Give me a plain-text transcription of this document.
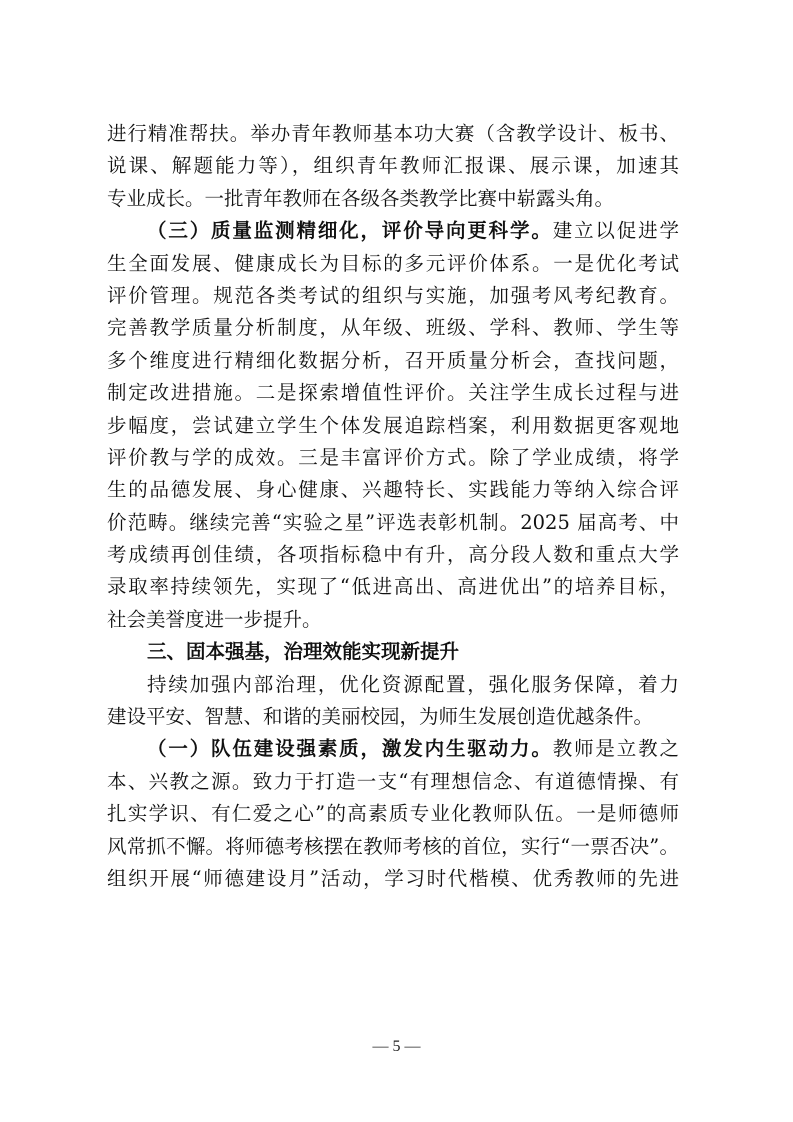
进行精准帮扶。举办青年教师基本功大赛（含教学设计、板书、
说课、解题能力等），组织青年教师汇报课、展示课，加速其
专业成长。一批青年教师在各级各类教学比赛中崭露头角。
（三）质量监测精细化，评价导向更科学。建立以促进学
生全面发展、健康成长为目标的多元评价体系。一是优化考试
评价管理。规范各类考试的组织与实施，加强考风考纪教育。
完善教学质量分析制度，从年级、班级、学科、教师、学生等
多个维度进行精细化数据分析，召开质量分析会，查找问题，
制定改进措施。二是探索增值性评价。关注学生成长过程与进
步幅度，尝试建立学生个体发展追踪档案，利用数据更客观地
评价教与学的成效。三是丰富评价方式。除了学业成绩，将学
生的品德发展、身心健康、兴趣特长、实践能力等纳入综合评
价范畴。继续完善“实验之星”评选表彰机制。2025 届高考、中
考成绩再创佳绩，各项指标稳中有升，高分段人数和重点大学
录取率持续领先，实现了“低进高出、高进优出”的培养目标，
社会美誉度进一步提升。
三、固本强基，治理效能实现新提升
持续加强内部治理，优化资源配置，强化服务保障，着力
建设平安、智慧、和谐的美丽校园，为师生发展创造优越条件。
（一）队伍建设强素质，激发内生驱动力。教师是立教之
本、兴教之源。致力于打造一支“有理想信念、有道德情操、有
扎实学识、有仁爱之心”的高素质专业化教师队伍。一是师德师
风常抓不懈。将师德考核摆在教师考核的首位，实行“一票否决”。
组织开展“师德建设月”活动，学习时代楷模、优秀教师的先进
— 5 —
